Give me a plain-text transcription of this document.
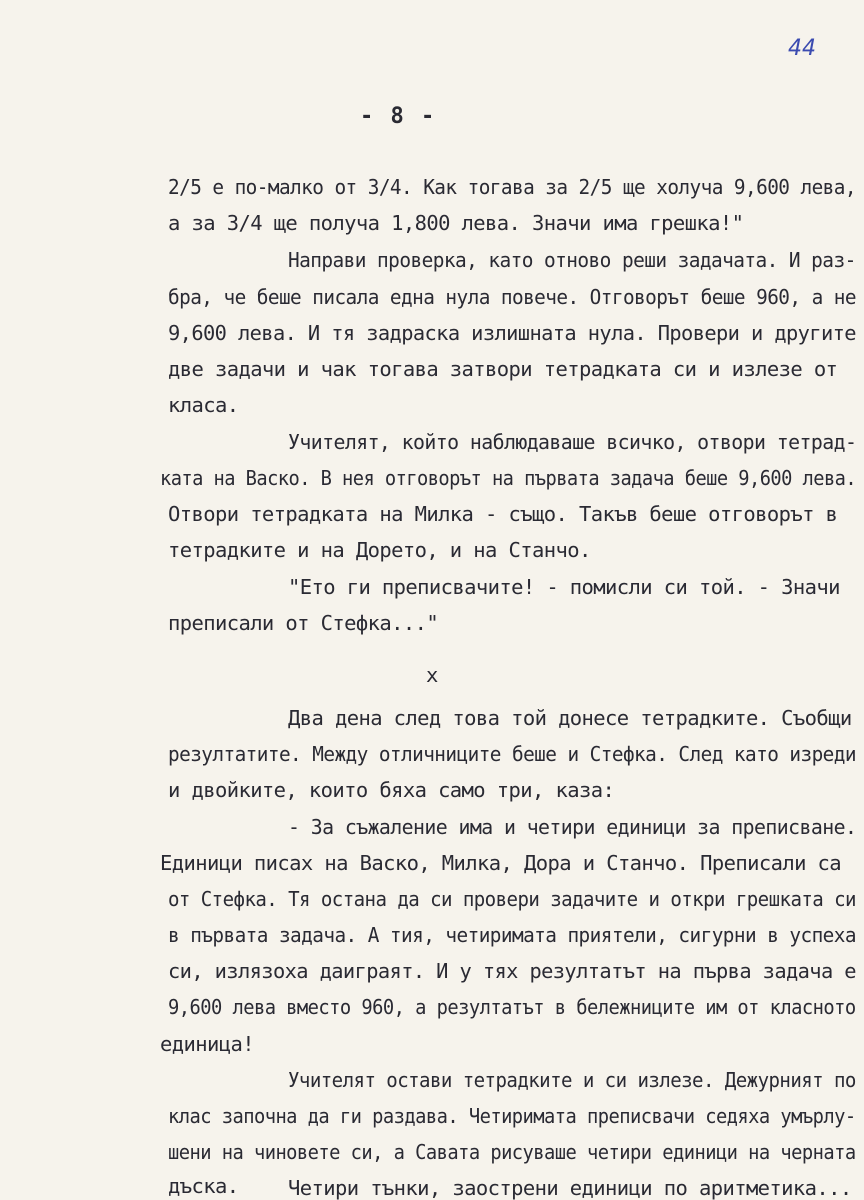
44
- 8 -
2/5 е по-малко от 3/4. Как тогава за 2/5 ще холуча 9,600 лева,
а за 3/4 ще получа 1,800 лева. Значи има грешка!"
Направи проверка, като отново реши задачата. И раз-
бра, че беше писала една нула повече. Отговорът беше 960, а не
9,600 лева. И тя задраска излишната нула. Провери и другите
две задачи и чак тогава затвори тетрадката си и излезе от
класа.
Учителят, който наблюдаваше всичко, отвори тетрад-
ката на Васко. В нея отговорът на първата задача беше 9,600 лева.
Отвори тетрадката на Милка - също. Такъв беше отговорът в
тетрадките и на Дорето, и на Станчо.
"Ето ги преписвачите! - помисли си той. - Значи
преписали от Стефка..."
х
Два дена след това той донесе тетрадките. Съобщи
резултатите. Между отличниците беше и Стефка. След като изреди
и двойките, които бяха само три, каза:
- За съжаление има и четири единици за преписване.
Единици писах на Васко, Милка, Дора и Станчо. Преписали са
от Стефка. Тя остана да си провери задачите и откри грешката си
в първата задача. А тия, четиримата приятели, сигурни в успеха
си, излязоха даиграят. И у тях резултатът на първа задача е
9,600 лева вместо 960, а резултатът в бележниците им от класното
единица!
Учителят остави тетрадките и си излезе. Дежурният по
клас започна да ги раздава. Четиримата преписвачи седяха умърлу-
шени на чиновете си, а Савата рисуваше четири единици на черната
дъска. Четири тънки, заострени единици по аритметика...
